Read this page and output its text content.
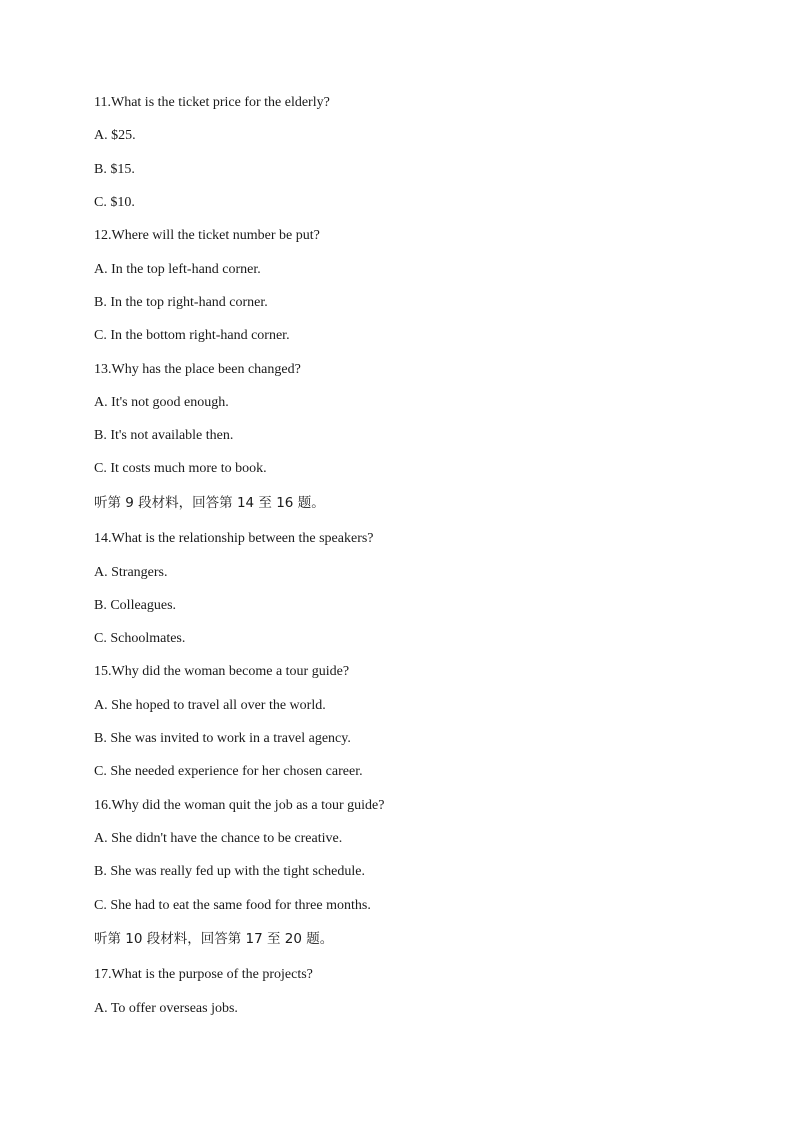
11.What is the ticket price for the elderly?

A. $25.

B. $15.

C. $10.

12.Where will the ticket number be put?

A. In the top left-hand corner.

B. In the top right-hand corner.

C. In the bottom right-hand corner.

13.Why has the place been changed?

A. It's not good enough.

B. It's not available then.

C. It costs much more to book.

听第 9 段材料，回答第 14 至 16 题。

14.What is the relationship between the speakers?

A. Strangers.

B. Colleagues.

C. Schoolmates.

15.Why did the woman become a tour guide?

A. She hoped to travel all over the world.

B. She was invited to work in a travel agency.

C. She needed experience for her chosen career.

16.Why did the woman quit the job as a tour guide?

A. She didn't have the chance to be creative.

B. She was really fed up with the tight schedule.

C. She had to eat the same food for three months.

听第 10 段材料，回答第 17 至 20 题。

17.What is the purpose of the projects?

A. To offer overseas jobs.
